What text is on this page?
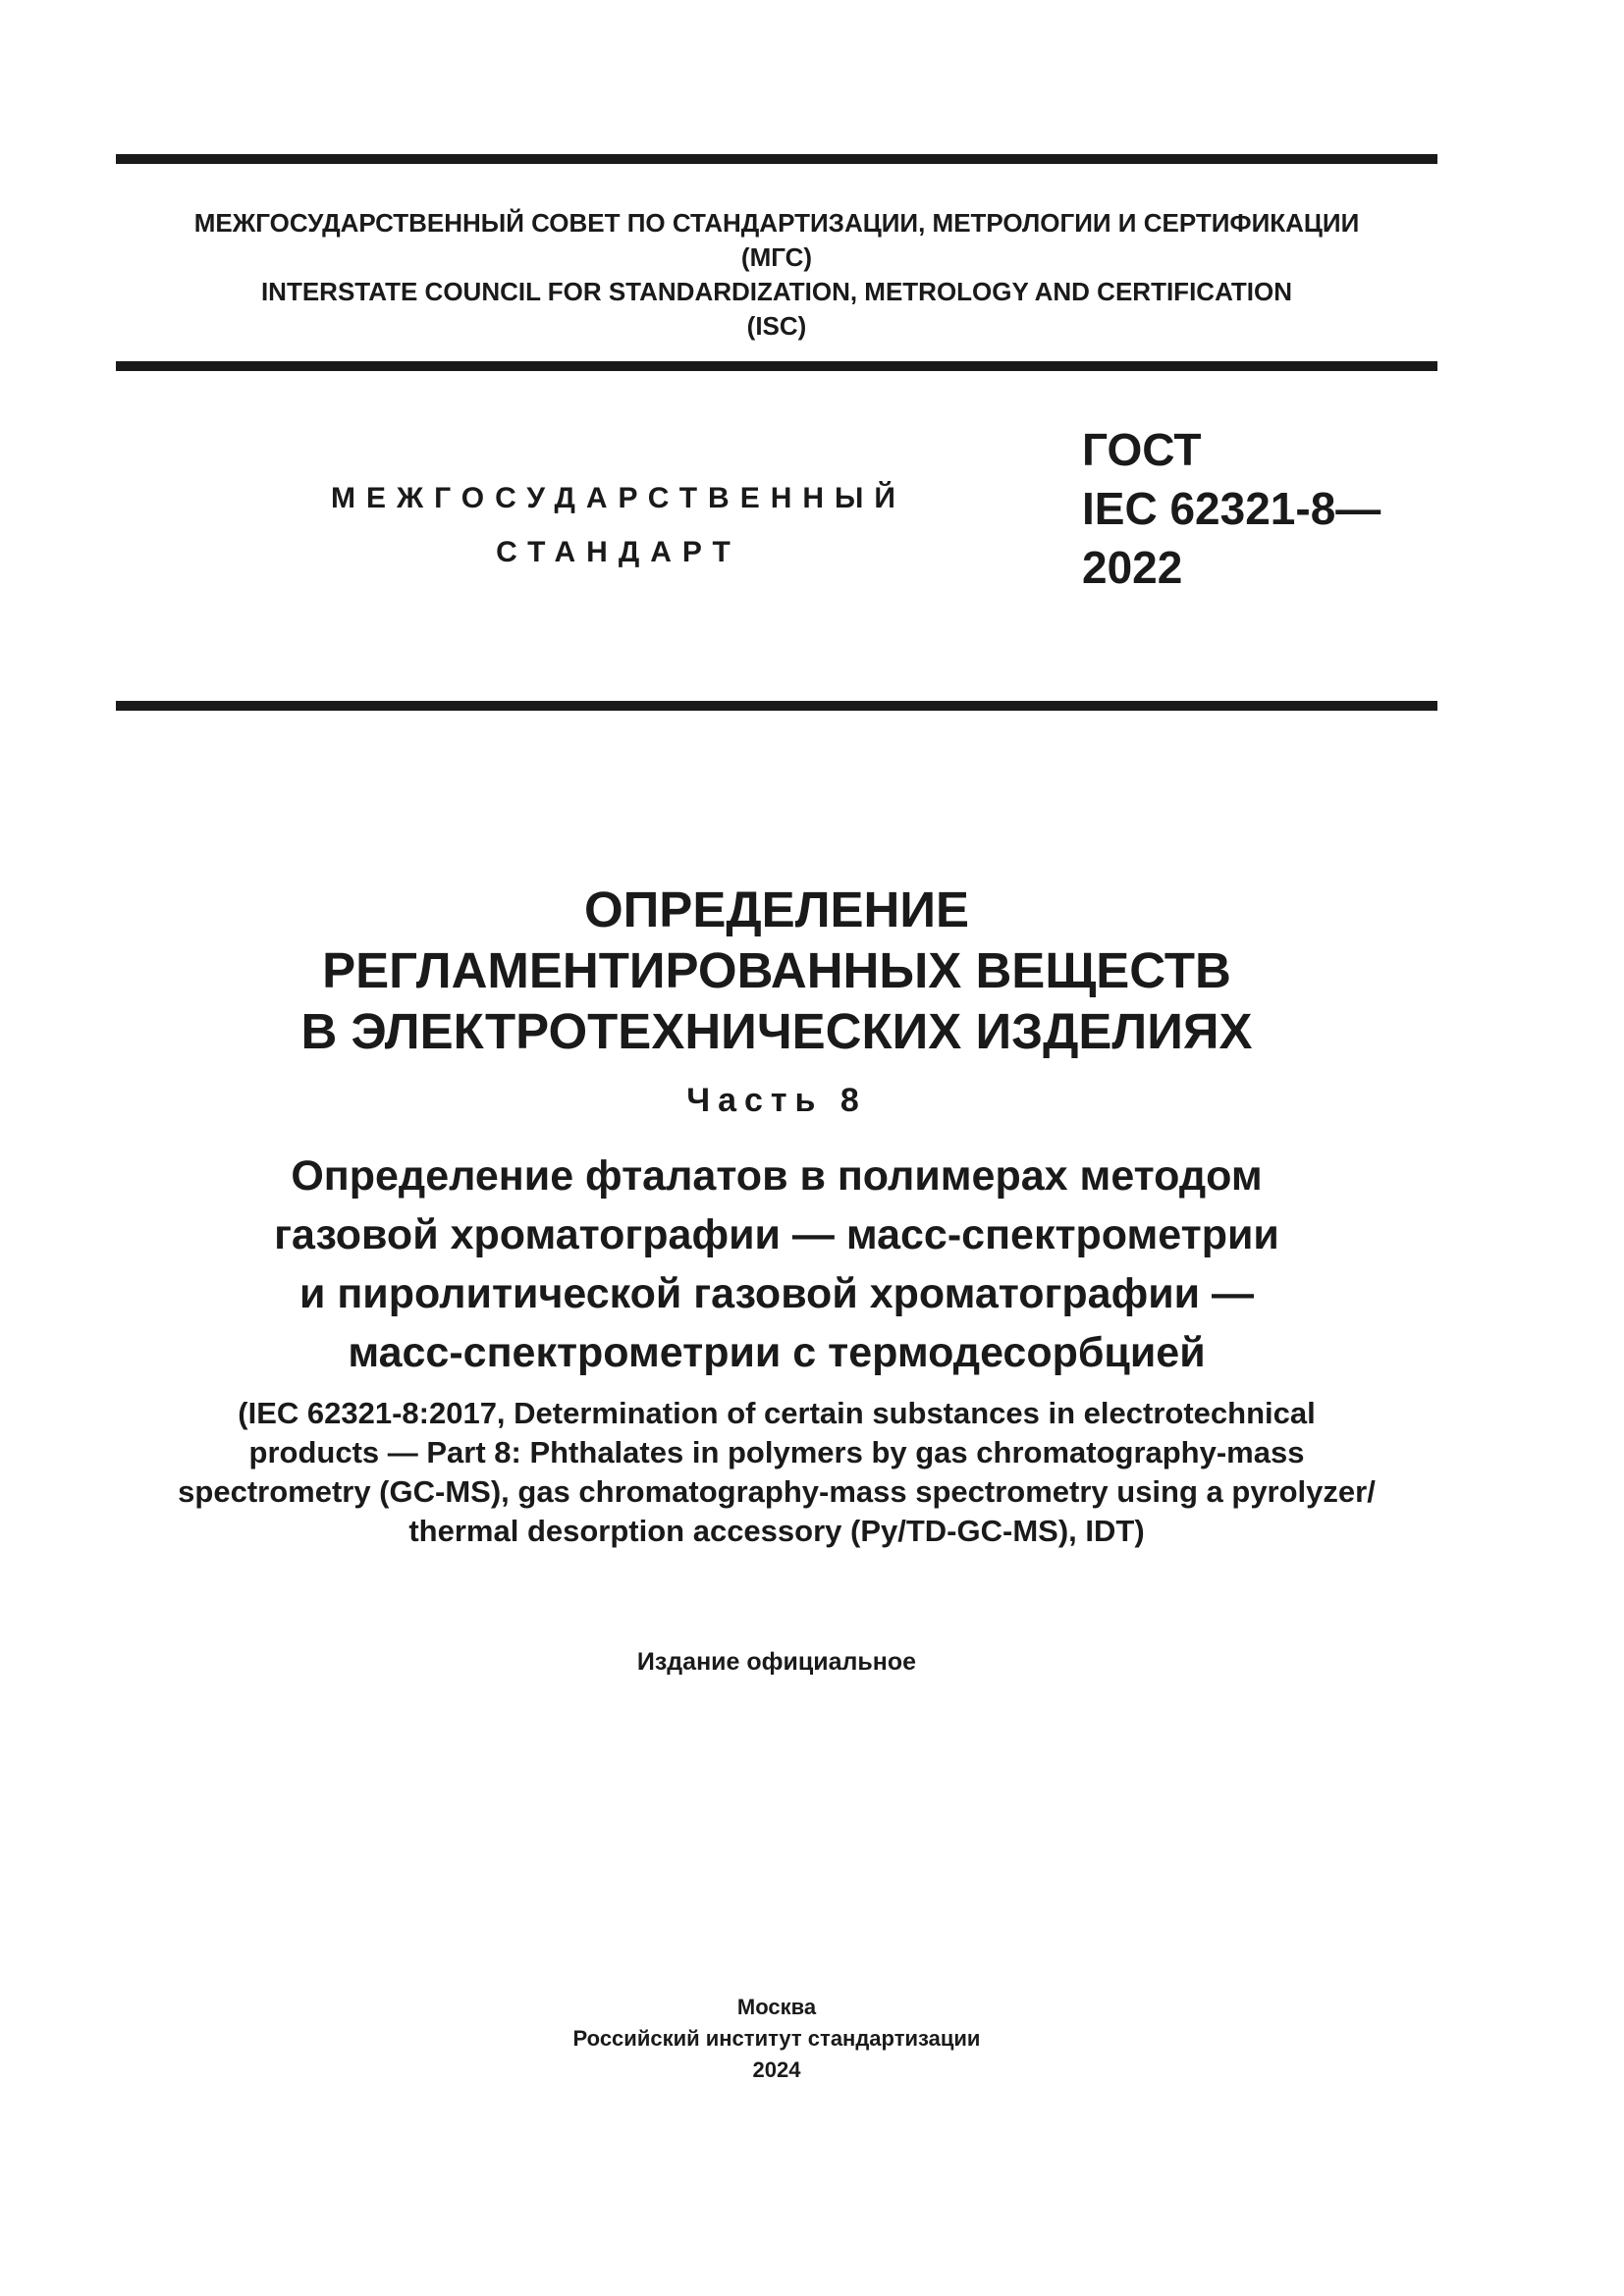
МЕЖГОСУДАРСТВЕННЫЙ СОВЕТ ПО СТАНДАРТИЗАЦИИ, МЕТРОЛОГИИ И СЕРТИФИКАЦИИ
(МГС)
INTERSTATE COUNCIL FOR STANDARDIZATION, METROLOGY AND CERTIFICATION
(ISC)
МЕЖГОСУДАРСТВЕННЫЙ
СТАНДАРТ
ГОСТ
IEC 62321-8—
2022
ОПРЕДЕЛЕНИЕ
РЕГЛАМЕНТИРОВАННЫХ ВЕЩЕСТВ
В ЭЛЕКТРОТЕХНИЧЕСКИХ ИЗДЕЛИЯХ
Часть 8
Определение фталатов в полимерах методом
газовой хроматографии — масс-спектрометрии
и пиролитической газовой хроматографии —
масс-спектрометрии с термодесорбцией
(IEC 62321-8:2017, Determination of certain substances in electrotechnical
products — Part 8: Phthalates in polymers by gas chromatography-mass
spectrometry (GC-MS), gas chromatography-mass spectrometry using a pyrolyzer/
thermal desorption accessory (Py/TD-GC-MS), IDT)
Издание официальное
Москва
Российский институт стандартизации
2024
